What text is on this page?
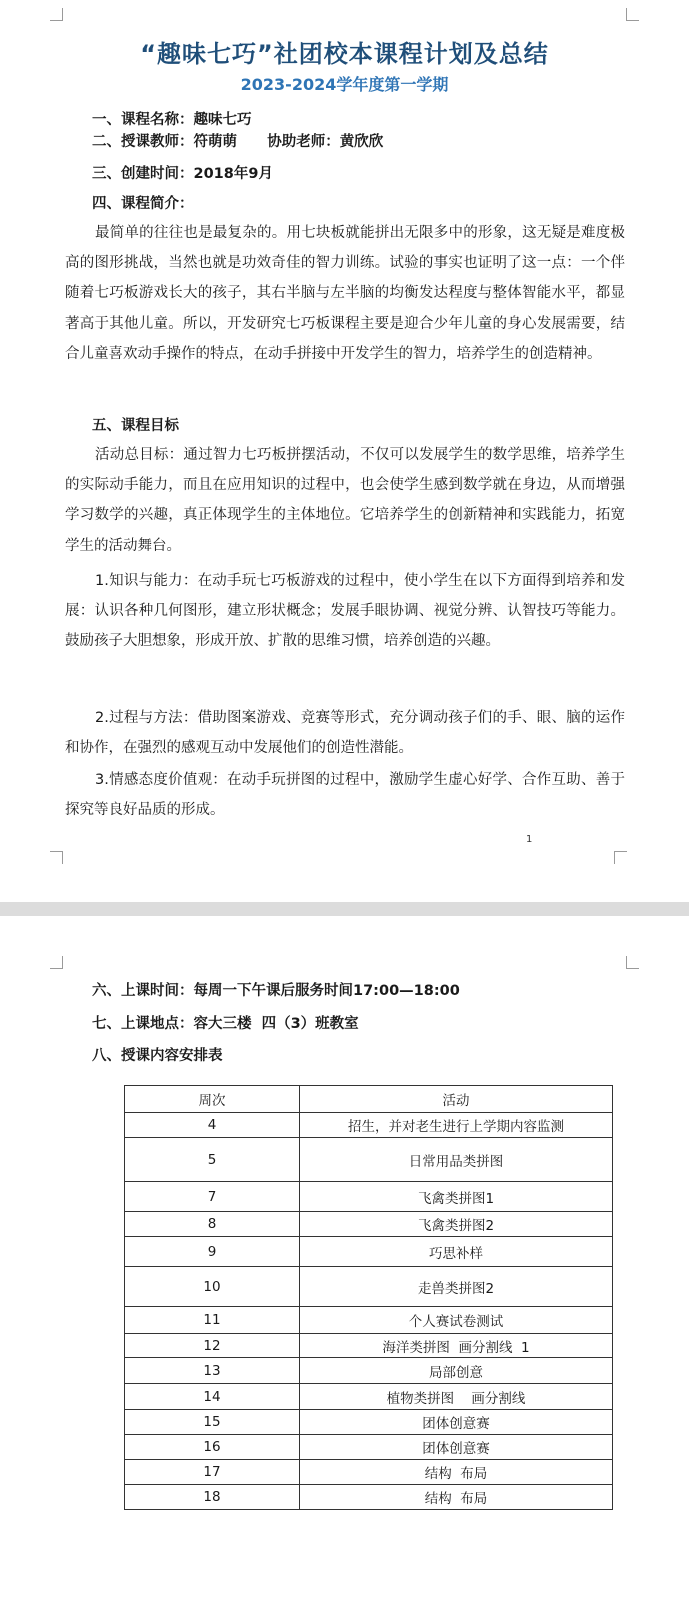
“趣味七巧”社团校本课程计划及总结
2023-2024学年度第一学期
一、课程名称：趣味七巧
二、授课教师：符萌萌      协助老师：黄欣欣
三、创建时间：2018年9月
四、课程简介：
最简单的往往也是最复杂的。用七块板就能拼出无限多中的形象，这无疑是难度极高的图形挑战，当然也就是功效奇佳的智力训练。试验的事实也证明了这一点：一个伴随着七巧板游戏长大的孩子，其右半脑与左半脑的均衡发达程度与整体智能水平，都显著高于其他儿童。所以，开发研究七巧板课程主要是迎合少年儿童的身心发展需要，结合儿童喜欢动手操作的特点，在动手拼接中开发学生的智力，培养学生的创造精神。
五、课程目标
活动总目标：通过智力七巧板拼摆活动，不仅可以发展学生的数学思维，培养学生的实际动手能力，而且在应用知识的过程中，也会使学生感到数学就在身边，从而增强学习数学的兴趣，真正体现学生的主体地位。它培养学生的创新精神和实践能力，拓宽学生的活动舞台。
1.知识与能力：在动手玩七巧板游戏的过程中，使小学生在以下方面得到培养和发展：认识各种几何图形，建立形状概念；发展手眼协调、视觉分辨、认智技巧等能力。鼓励孩子大胆想象，形成开放、扩散的思维习惯，培养创造的兴趣。
2.过程与方法：借助图案游戏、竞赛等形式，充分调动孩子们的手、眼、脑的运作和协作，在强烈的感观互动中发展他们的创造性潜能。
3.情感态度价值观：在动手玩拼图的过程中，激励学生虚心好学、合作互助、善于探究等良好品质的形成。
1
六、上课时间：每周一下午课后服务时间17:00—18:00
七、上课地点：容大三楼  四（3）班教室
八、授课内容安排表
周次	活动
4	招生，并对老生进行上学期内容监测
5	日常用品类拼图
7	飞禽类拼图1
8	飞禽类拼图2
9	巧思补样
10	走兽类拼图2
11	个人赛试卷测试
12	海洋类拼图  画分割线  1
13	局部创意
14	植物类拼图    画分割线
15	团体创意赛
16	团体创意赛
17	结构  布局
18	结构  布局
